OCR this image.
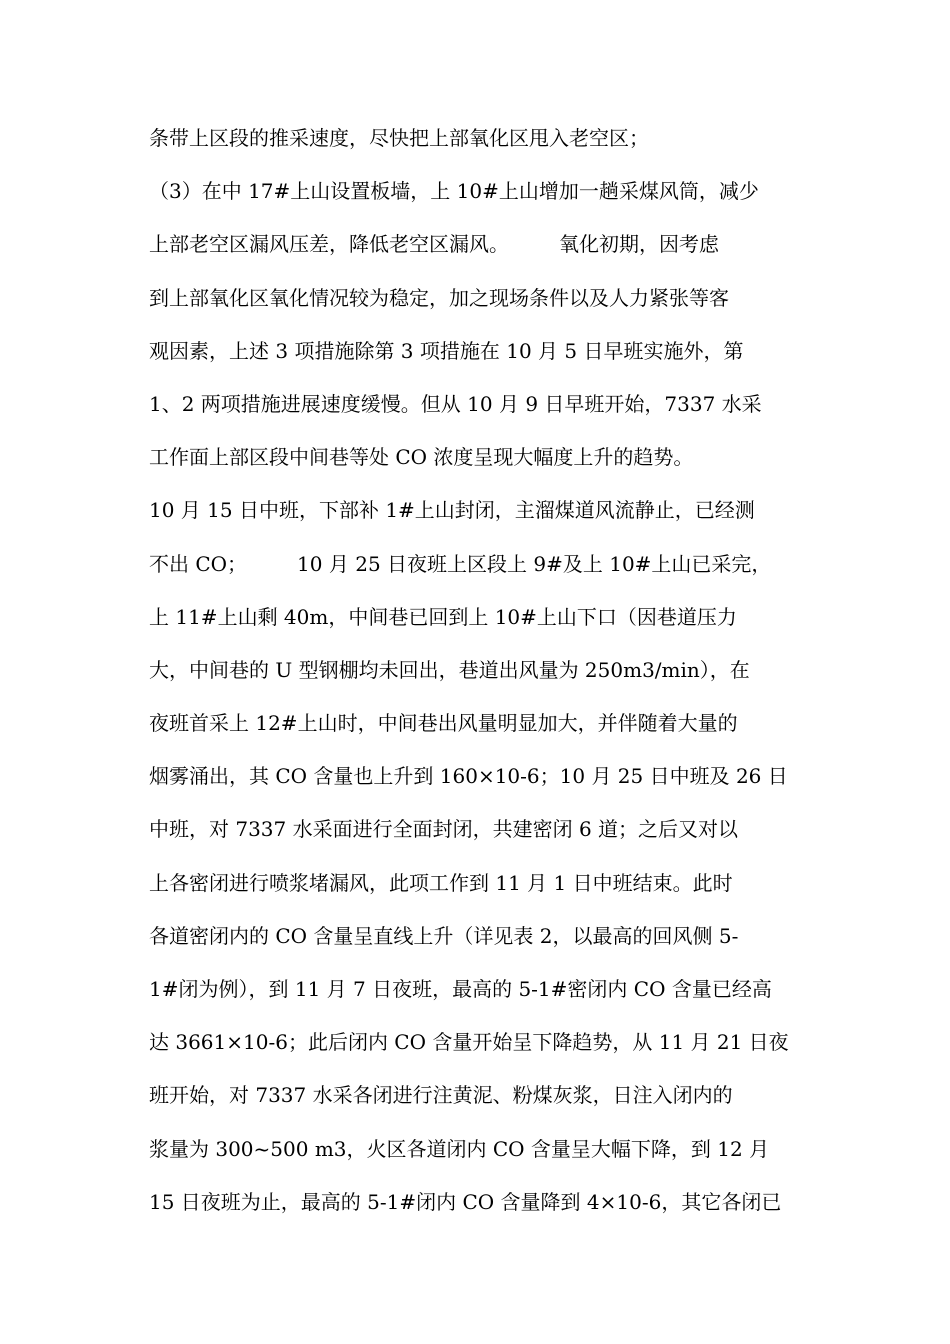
条带上区段的推采速度，尽快把上部氧化区甩入老空区；
（3）在中 17#上山设置板墙，上 10#上山增加一趟采煤风筒，减少
上部老空区漏风压差，降低老空区漏风。　　　氧化初期，因考虑
到上部氧化区氧化情况较为稳定，加之现场条件以及人力紧张等客
观因素，上述 3 项措施除第 3 项措施在 10 月 5 日早班实施外，第
1、2 两项措施进展速度缓慢。但从 10 月 9 日早班开始，7337 水采
工作面上部区段中间巷等处 CO 浓度呈现大幅度上升的趋势。
10 月 15 日中班，下部补 1#上山封闭，主溜煤道风流静止，已经测
不出 CO；　　　10 月 25 日夜班上区段上 9#及上 10#上山已采完，
上 11#上山剩 40m，中间巷已回到上 10#上山下口（因巷道压力
大，中间巷的 U 型钢棚均未回出，巷道出风量为 250m3/min），在
夜班首采上 12#上山时，中间巷出风量明显加大，并伴随着大量的
烟雾涌出，其 CO 含量也上升到 160×10-6；10 月 25 日中班及 26 日
中班，对 7337 水采面进行全面封闭，共建密闭 6 道；之后又对以
上各密闭进行喷浆堵漏风，此项工作到 11 月 1 日中班结束。此时
各道密闭内的 CO 含量呈直线上升（详见表 2，以最高的回风侧 5-
1#闭为例），到 11 月 7 日夜班，最高的 5-1#密闭内 CO 含量已经高
达 3661×10-6；此后闭内 CO 含量开始呈下降趋势，从 11 月 21 日夜
班开始，对 7337 水采各闭进行注黄泥、粉煤灰浆，日注入闭内的
浆量为 300~500 m3，火区各道闭内 CO 含量呈大幅下降，到 12 月
15 日夜班为止，最高的 5-1#闭内 CO 含量降到 4×10-6，其它各闭已
